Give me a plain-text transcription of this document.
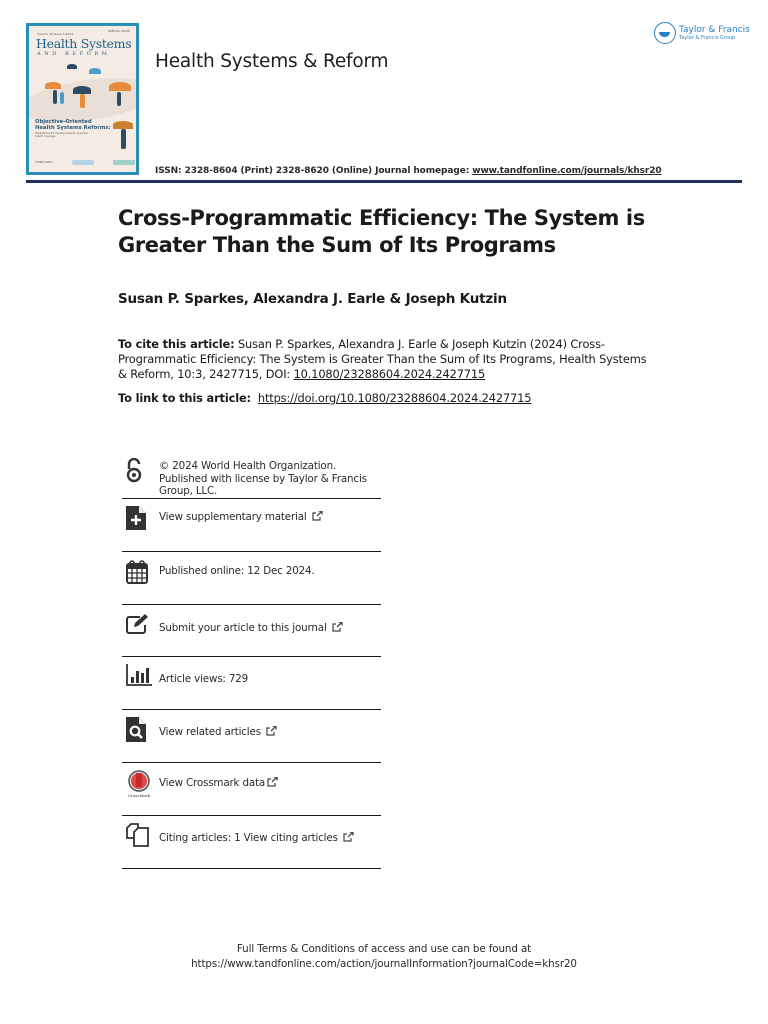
Volume 10 Issue 3 2024
SPECIAL ISSUE
Health Systems
AND REFORM
Objective-Oriented
Health Systems Reforms:
Implications for moving towards universal health coverage
· · · · · ·
· · · · · ·
· · · · ·
THINK WELL
Health Systems & Reform
Taylor & Francis
Taylor & Francis Group
ISSN: 2328-8604 (Print) 2328-8620 (Online) Journal homepage: www.tandfonline.com/journals/khsr20
Cross-Programmatic Efficiency: The System is Greater Than the Sum of Its Programs
Susan P. Sparkes, Alexandra J. Earle & Joseph Kutzin
To cite this article: Susan P. Sparkes, Alexandra J. Earle & Joseph Kutzin (2024) Cross-Programmatic Efficiency: The System is Greater Than the Sum of Its Programs, Health Systems & Reform, 10:3, 2427715, DOI: 10.1080/23288604.2024.2427715
To link to this article: https://doi.org/10.1080/23288604.2024.2427715
© 2024 World Health Organization. Published with license by Taylor & Francis Group, LLC.
View supplementary material
Published online: 12 Dec 2024.
Submit your article to this journal
Article views: 729
View related articles
CrossMark
View Crossmark data
Citing articles: 1 View citing articles
Full Terms & Conditions of access and use can be found at
https://www.tandfonline.com/action/journalInformation?journalCode=khsr20
